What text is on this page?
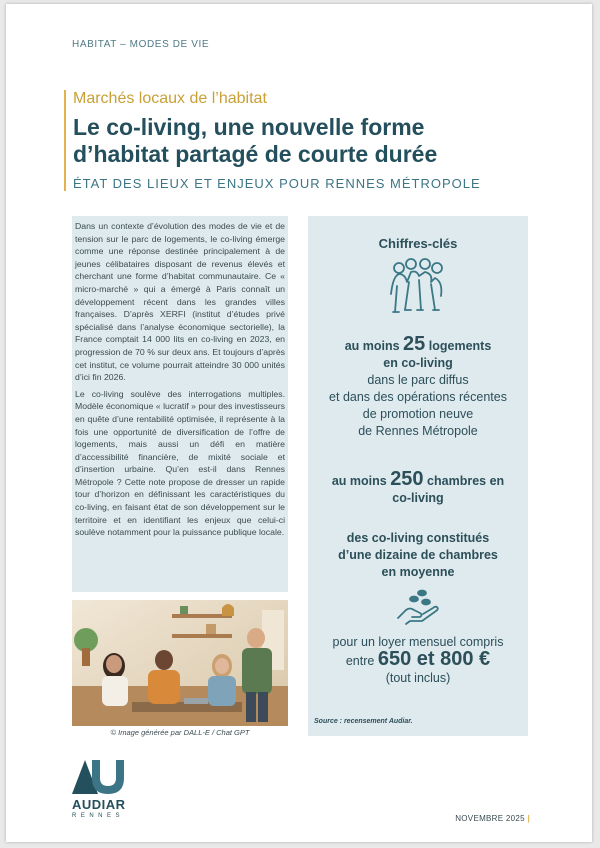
HABITAT – MODES DE VIE
Marchés locaux de l’habitat
Le co-living, une nouvelle forme
d’habitat partagé de courte durée
ÉTAT DES LIEUX ET ENJEUX POUR RENNES MÉTROPOLE

Dans un contexte d’évolution des modes de vie et de tension sur le parc de logements, le co-living émerge comme une réponse destinée principalement à de jeunes célibataires disposant de revenus élevés et cherchant une forme d’habitat communautaire. Ce « micro-marché » qui a émergé à Paris connaît un développement récent dans les grandes villes françaises. D’après XERFI (institut d’études privé spécialisé dans l’analyse économique sectorielle), la France comptait 14 000 lits en co-living en 2023, en progression de 70 % sur deux ans. Et toujours d’après cet institut, ce volume pourrait atteindre 30 000 unités d’ici fin 2026.

Le co-living soulève des interrogations multiples. Modèle économique « lucratif » pour des investisseurs en quête d’une rentabilité optimisée, il représente à la fois une opportunité de diversification de l’offre de logements, mais aussi un défi en matière d’accessibilité financière, de mixité sociale et d’insertion urbaine. Qu’en est-il dans Rennes Métropole ? Cette note propose de dresser un rapide tour d’horizon en définissant les caractéristiques du co-living, en faisant état de son développement sur le territoire et en identifiant les enjeux que celui-ci soulève notamment pour la puissance publique locale.

© Image générée par DALL-E / Chat GPT
Chiffres-clés
au moins 25 logements
en co-living
dans le parc diffus
et dans des opérations récentes
de promotion neuve
de Rennes Métropole
au moins 250 chambres en
co-living
des co-living constitués
d’une dizaine de chambres
en moyenne
pour un loyer mensuel compris
entre 650 et 800 €
(tout inclus)
Source : recensement Audiar.
AUDIAR
RENNES	NOVEMBRE 2025 |
